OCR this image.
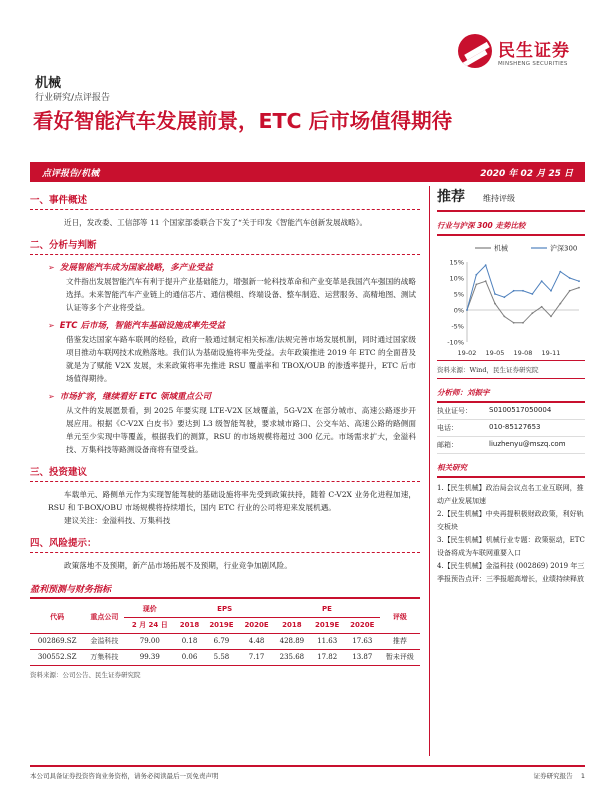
民生证券
MINSHENG SECURITIES
机械
行业研究/点评报告
看好智能汽车发展前景，ETC 后市场值得期待
点评报告/机械	2020 年 02 月 25 日
一、事件概述
近日，发改委、工信部等 11 个国家部委联合下发了“关于印发《智能汽车创新发展战略》。
二、分析与判断
➢ 发展智能汽车成为国家战略，多产业受益
文件指出发展智能汽车有利于提升产业基础能力，增强新一轮科技革命和产业变革是我国汽车强国的战略选择。未来智能汽车产业链上的通信芯片、通信模组、终端设备、整车制造、运营服务、高精地图、测试认证等多个产业将受益。
➢ ETC 后市场，智能汽车基础设施成率先受益
借鉴发达国家车路车联网的经验，政府一般通过制定相关标准/法规完善市场发展机制，同时通过国家级项目推动车联网技术成熟落地。我们认为基础设施将率先受益。去年政策推进 2019 年 ETC 的全面普及就是为了赋能 V2X 发展，未来政策将率先推进 RSU 覆盖率和 TBOX/OUB 的渗透率提升，ETC 后市场值得期待。
➢ 市场扩容，继续看好 ETC 领域重点公司
从文件的发展愿景看，到 2025 年要实现 LTE-V2X 区域覆盖，5G-V2X 在部分城市、高速公路逐步开展应用。根据《C-V2X 白皮书》要达到 L3 级智能驾驶，要求城市路口、公交车站、高速公路的路侧面单元至少实现中等覆盖，根据我们的测算，RSU 的市场规模将超过 300 亿元。市场需求扩大，金溢科技、万集科技等路测设备商将有望受益。
三、投资建议
车载单元、路侧单元作为实现智能驾驶的基础设施将率先受到政策扶持，随着 C-V2X 业务化进程加速，RSU 和 T-BOX/OBU 市场规模将持续增长，国内 ETC 行业的公司将迎来发展机遇。
建议关注：金溢科技、万集科技
四、风险提示：
政策落地不及预期，新产品市场拓展不及预期，行业竞争加剧风险。
盈利预测与财务指标
代码	重点公司	现价	EPS			PE			评级
		2 月 24 日	2018	2019E	2020E	2018	2019E	2020E	
002869.SZ	金溢科技	79.00	0.18	6.79	4.48	428.89	11.63	17.63	推荐
300552.SZ	万集科技	99.39	0.06	5.58	7.17	235.68	17.82	13.87	暂未评级
资料来源：公司公告、民生证券研究院
推荐 维持评级
行业与沪深 300 走势比较
机械	沪深300
15%
10%
5%
0%
-5%
-10%
19-02 19-05 19-08 19-11
资料来源：Wind，民生证券研究院
分析师：刘振宇
执业证号：	S0100517050004
电话：	010-85127653
邮箱：	liuzhenyu@mszq.com
相关研究
1.【民生机械】政治局会议点名工业互联网，推动产业发展加速
2.【民生机械】中央再提积极财政政策，利好轨交板块
3.【民生机械】机械行业专题：政策驱动，ETC 设备将成为车联网重要入口
4.【民生机械】金溢科技 (002869) 2019 年三季报预告点评：三季报超高增长，业绩持续释放
本公司具备证券投资咨询业务资格，请务必阅读最后一页免责声明	证券研究报告 1
